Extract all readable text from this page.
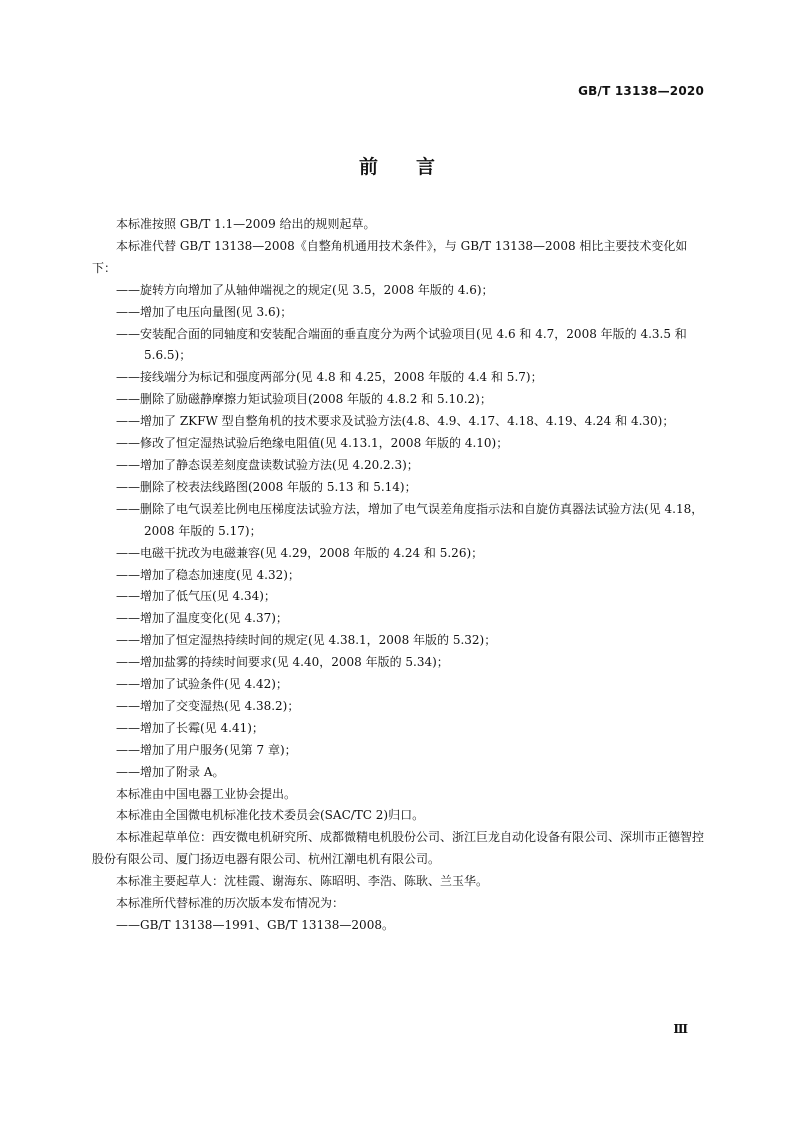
GB/T 13138—2020
前 言

本标准按照 GB/T 1.1—2009 给出的规则起草。

本标准代替 GB/T 13138—2008《自整角机通用技术条件》，与 GB/T 13138—2008 相比主要技术变化如下：

——旋转方向增加了从轴伸端视之的规定(见 3.5，2008 年版的 4.6)；

——增加了电压向量图(见 3.6)；

——安装配合面的同轴度和安装配合端面的垂直度分为两个试验项目(见 4.6 和 4.7，2008 年版的 4.3.5 和 5.6.5)；

——接线端分为标记和强度两部分(见 4.8 和 4.25，2008 年版的 4.4 和 5.7)；

——删除了励磁静摩擦力矩试验项目(2008 年版的 4.8.2 和 5.10.2)；

——增加了 ZKFW 型自整角机的技术要求及试验方法(4.8、4.9、4.17、4.18、4.19、4.24 和 4.30)；

——修改了恒定湿热试验后绝缘电阻值(见 4.13.1，2008 年版的 4.10)；

——增加了静态误差刻度盘读数试验方法(见 4.20.2.3)；

——删除了校表法线路图(2008 年版的 5.13 和 5.14)；

——删除了电气误差比例电压梯度法试验方法，增加了电气误差角度指示法和自旋仿真器法试验方法(见 4.18，2008 年版的 5.17)；

——电磁干扰改为电磁兼容(见 4.29，2008 年版的 4.24 和 5.26)；

——增加了稳态加速度(见 4.32)；

——增加了低气压(见 4.34)；

——增加了温度变化(见 4.37)；

——增加了恒定湿热持续时间的规定(见 4.38.1，2008 年版的 5.32)；

——增加盐雾的持续时间要求(见 4.40，2008 年版的 5.34)；

——增加了试验条件(见 4.42)；

——增加了交变湿热(见 4.38.2)；

——增加了长霉(见 4.41)；

——增加了用户服务(见第 7 章)；

——增加了附录 A。

本标准由中国电器工业协会提出。

本标准由全国微电机标准化技术委员会(SAC/TC 2)归口。

本标准起草单位：西安微电机研究所、成都微精电机股份公司、浙江巨龙自动化设备有限公司、深圳市正德智控股份有限公司、厦门扬迈电器有限公司、杭州江潮电机有限公司。

本标准主要起草人：沈桂霞、谢海东、陈昭明、李浩、陈耿、兰玉华。

本标准所代替标准的历次版本发布情况为：

——GB/T 13138—1991、GB/T 13138—2008。

Ⅲ
